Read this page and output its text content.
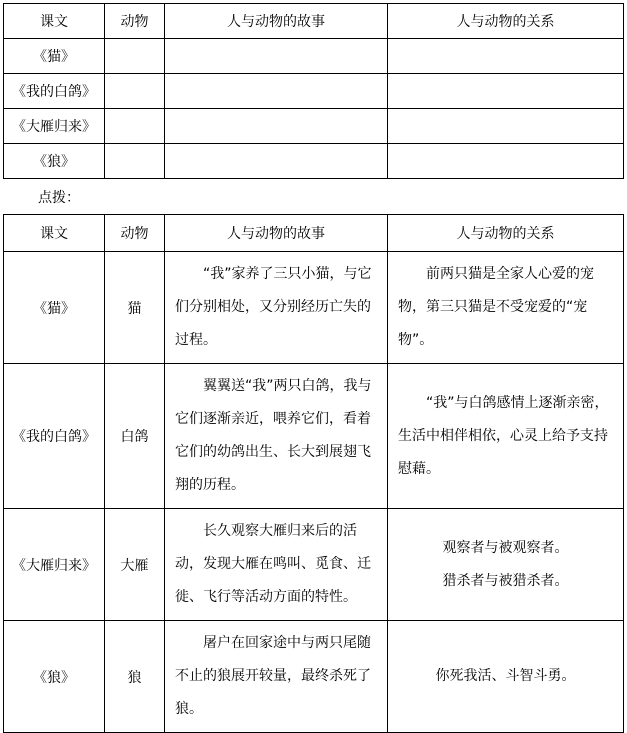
课文	动物	人与动物的故事	人与动物的关系
《猫》			
《我的白鸽》			
《大雁归来》			
《狼》			
点拨：
课文	动物	人与动物的故事	人与动物的关系
《猫》	猫	“我”家养了三只小猫，与它们分别相处，又分别经历亡失的过程。	前两只猫是全家人心爱的宠物，第三只猫是不受宠爱的“宠物”。

《我的白鸽》	白鸽	翼翼送“我”两只白鸽，我与它们逐渐亲近，喂养它们，看着它们的幼鸽出生、长大到展翅飞翔的历程。	“我”与白鸽感情上逐渐亲密，生活中相伴相依，心灵上给予支持慰藉。

《大雁归来》	大雁	长久观察大雁归来后的活动，发现大雁在鸣叫、觅食、迁徙、飞行等活动方面的特性。	观察者与被观察者。
猎杀者与被猎杀者。

《狼》	狼	屠户在回家途中与两只尾随不止的狼展开较量，最终杀死了狼。	你死我活、斗智斗勇。
